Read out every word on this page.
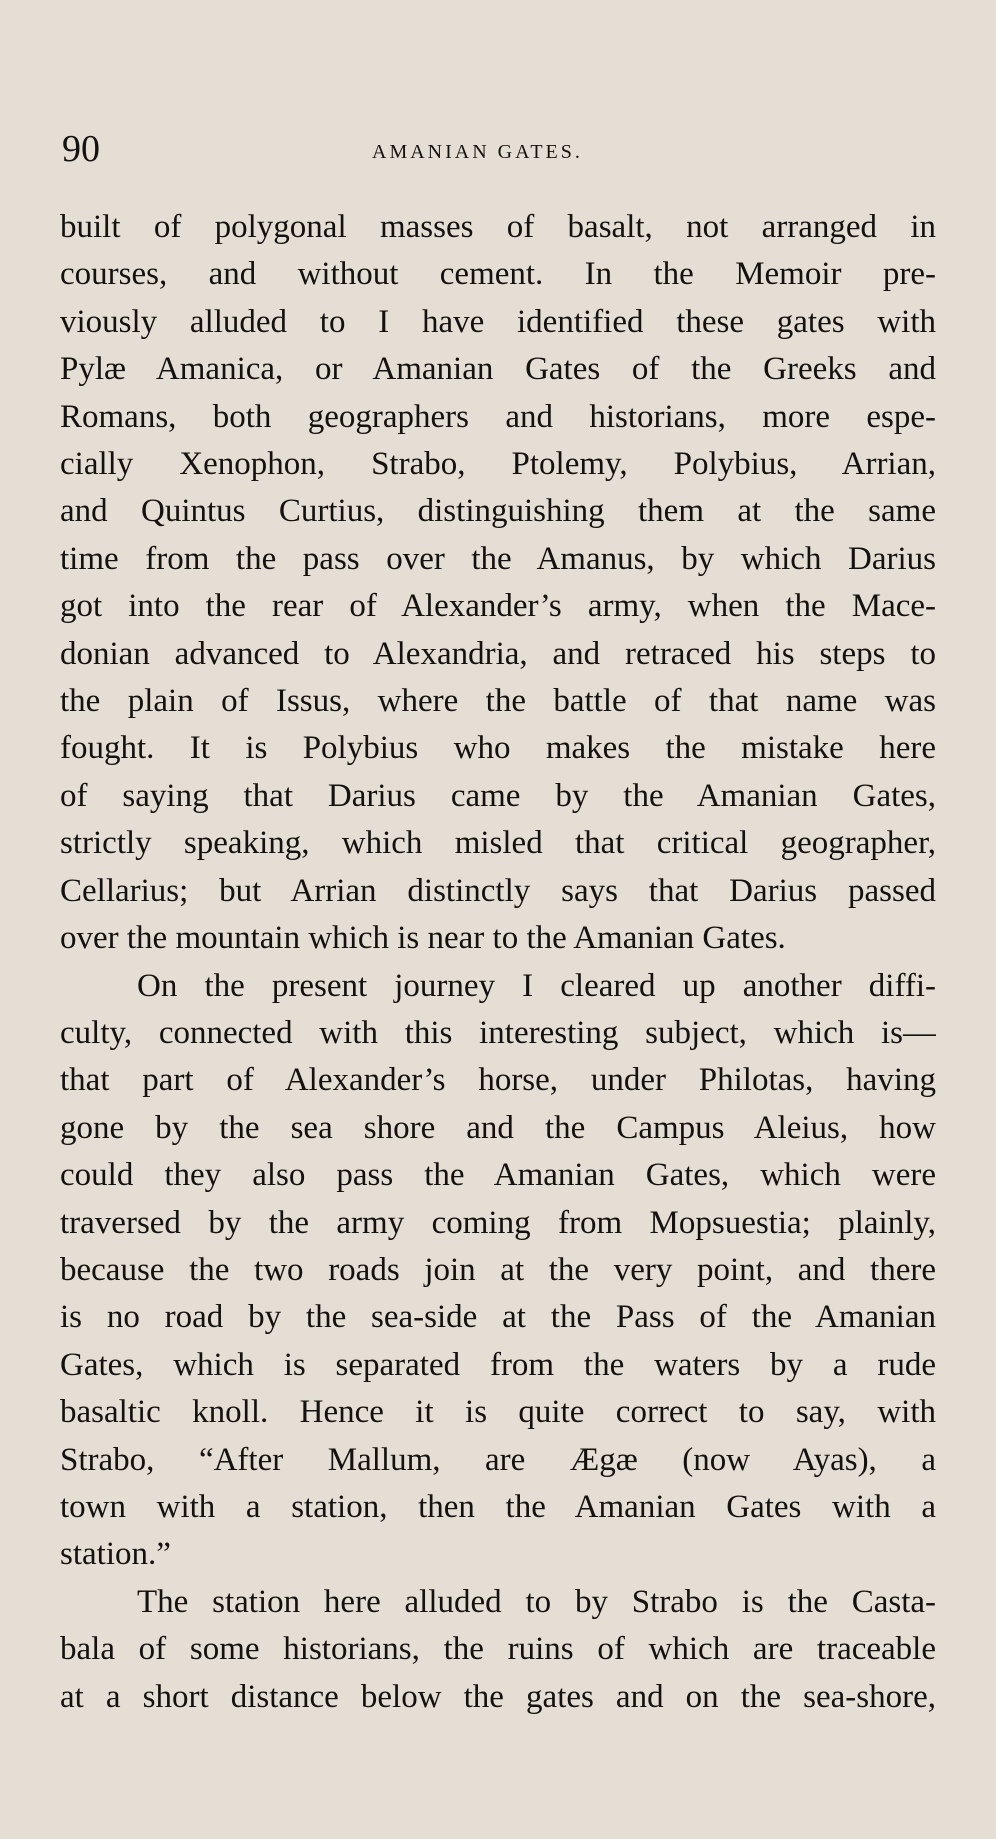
90	AMANIAN GATES.
built of polygonal masses of basalt, not arranged in
courses, and without cement. In the Memoir pre-
viously alluded to I have identified these gates with
Pylæ Amanica, or Amanian Gates of the Greeks and
Romans, both geographers and historians, more espe-
cially Xenophon, Strabo, Ptolemy, Polybius, Arrian,
and Quintus Curtius, distinguishing them at the same
time from the pass over the Amanus, by which Darius
got into the rear of Alexander’s army, when the Mace-
donian advanced to Alexandria, and retraced his steps to
the plain of Issus, where the battle of that name was
fought. It is Polybius who makes the mistake here
of saying that Darius came by the Amanian Gates,
strictly speaking, which misled that critical geographer,
Cellarius; but Arrian distinctly says that Darius passed
over the mountain which is near to the Amanian Gates.
On the present journey I cleared up another diffi-
culty, connected with this interesting subject, which is—
that part of Alexander’s horse, under Philotas, having
gone by the sea shore and the Campus Aleius, how
could they also pass the Amanian Gates, which were
traversed by the army coming from Mopsuestia; plainly,
because the two roads join at the very point, and there
is no road by the sea-side at the Pass of the Amanian
Gates, which is separated from the waters by a rude
basaltic knoll. Hence it is quite correct to say, with
Strabo, “After Mallum, are Ægæ (now Ayas), a
town with a station, then the Amanian Gates with a
station.”
The station here alluded to by Strabo is the Casta-
bala of some historians, the ruins of which are traceable
at a short distance below the gates and on the sea-shore,
